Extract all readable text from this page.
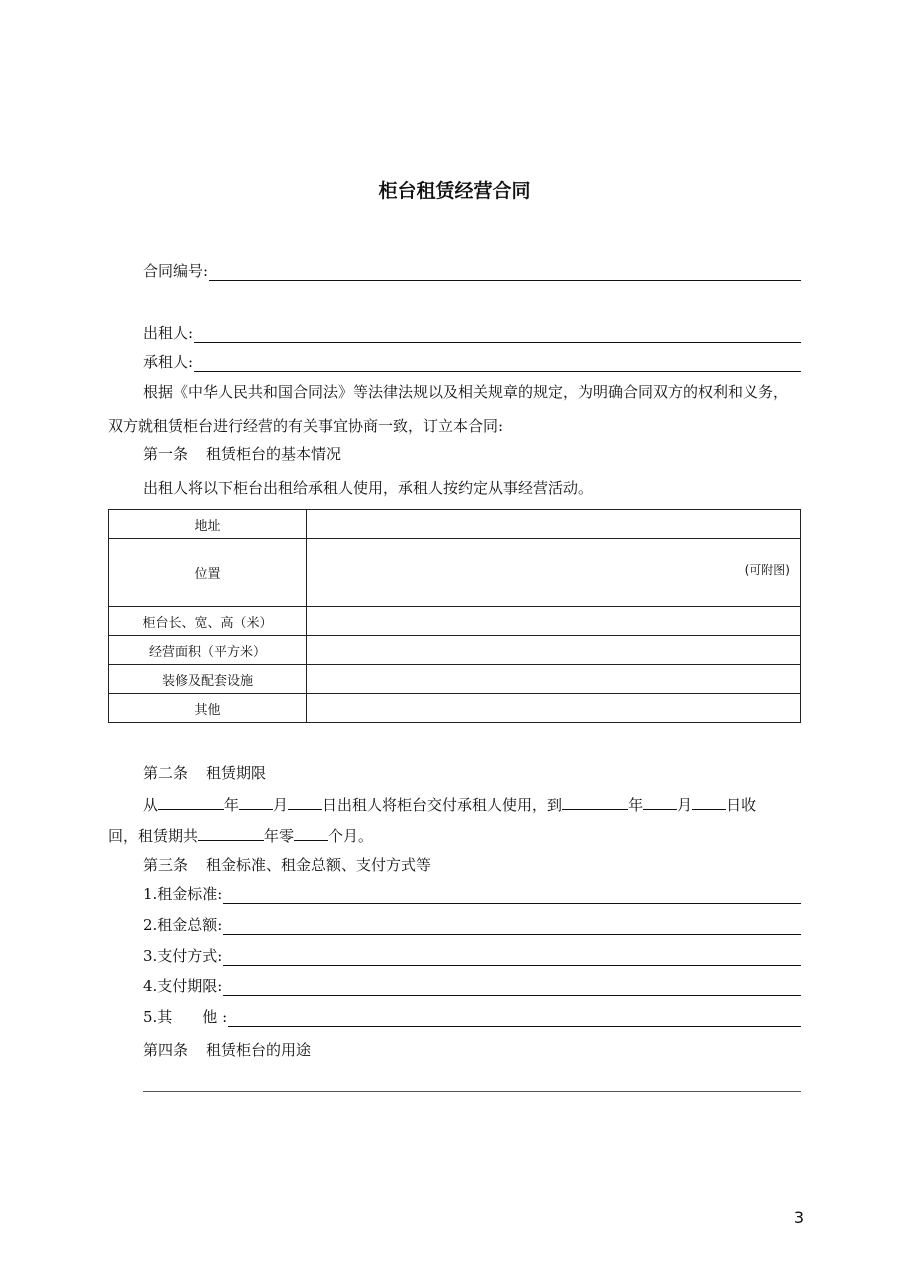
柜台租赁经营合同
合同编号:
出租人:
承租人:
根据《中华人民共和国合同法》等法律法规以及相关规章的规定，为明确合同双方的权利和义务，双方就租赁柜台进行经营的有关事宜协商一致，订立本合同:
第一条 租赁柜台的基本情况
出租人将以下柜台出租给承租人使用，承租人按约定从事经营活动。
地址	
位置	(可附图)

柜台长、宽、高（米）	
经营面积（平方米）	
装修及配套设施	
其他	
第二条 租赁期限
从	年 月 日出租人将柜台交付承租人使用，到	年 月 日收
回，租赁期共	年零 个月。
第三条 租金标准、租金总额、支付方式等
1.租金标准:
2.租金总额:
3.支付方式:
4.支付期限:
5.其　　他 :
第四条 租赁柜台的用途
3
